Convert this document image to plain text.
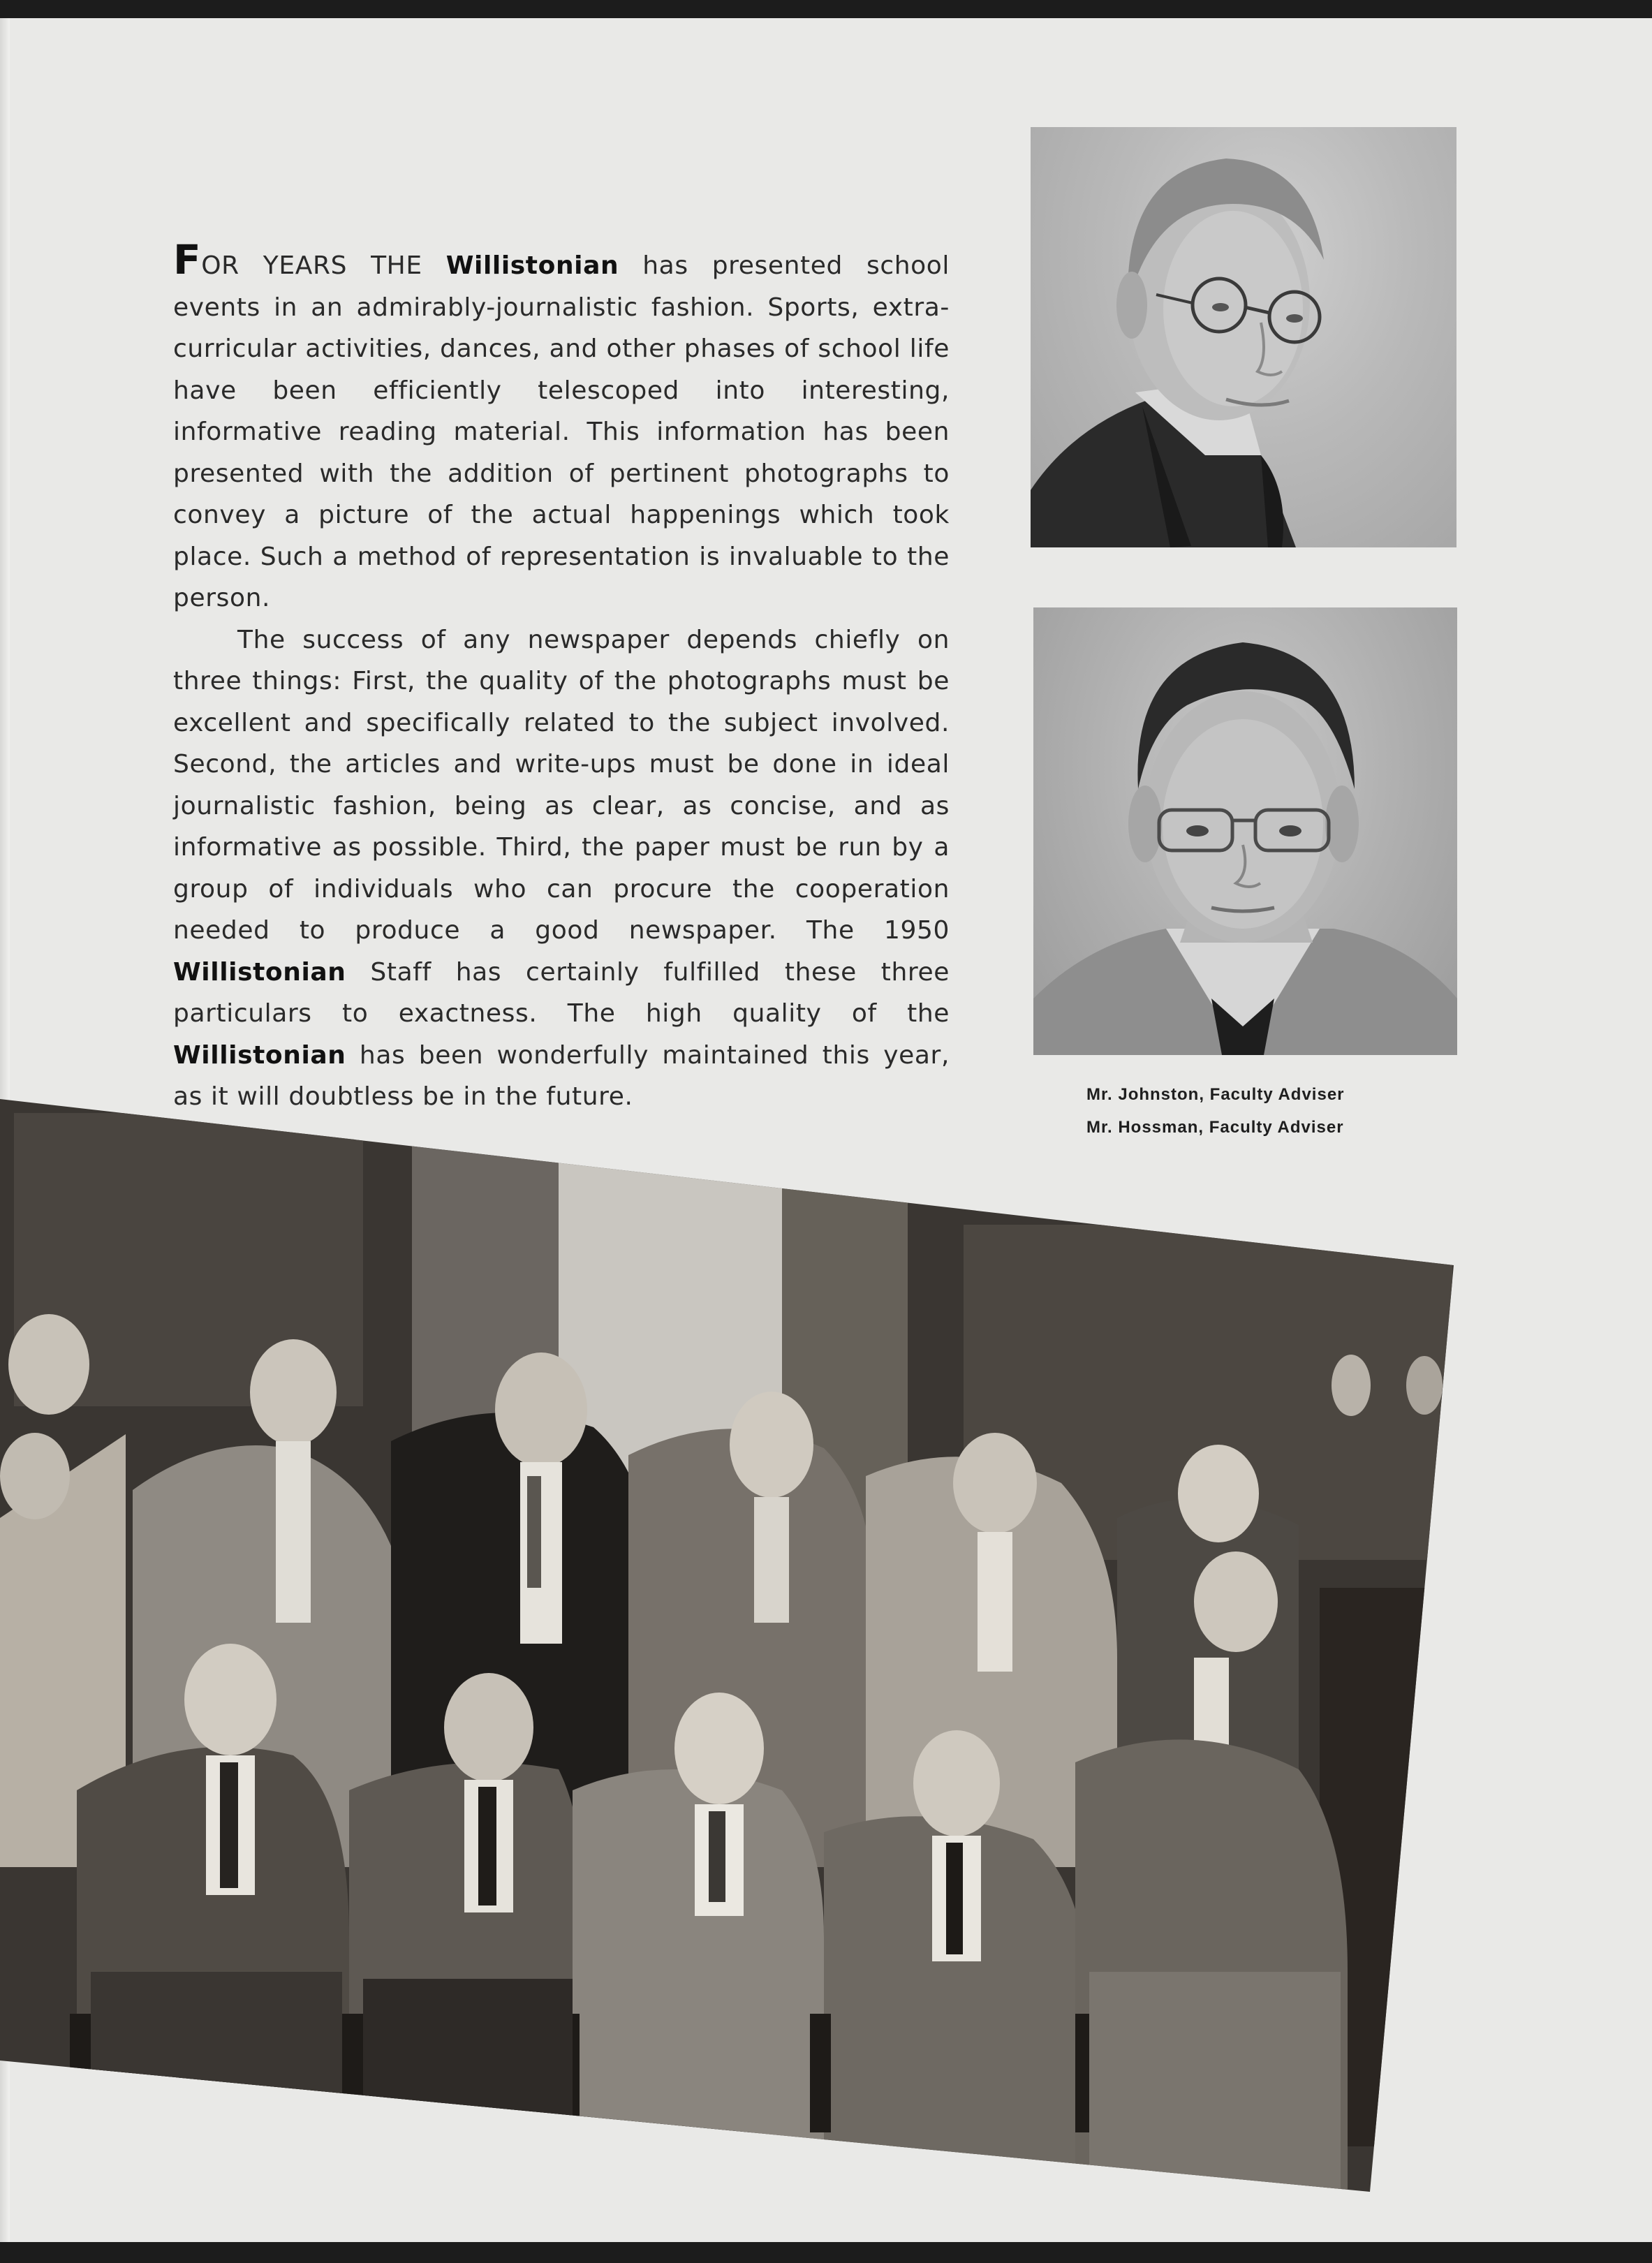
FOR YEARS THE Willistonian has presented school events in an admirably-journalistic fashion. Sports, extra-curricular activities, dances, and other phases of school life have been efficiently telescoped into interesting, informative reading material. This information has been presented with the addition of pertinent photographs to convey a picture of the actual happenings which took place. Such a method of representation is invaluable to the person.

The success of any newspaper depends chiefly on three things: First, the quality of the photographs must be excellent and specifically related to the subject involved. Second, the articles and write-ups must be done in ideal journalistic fashion, being as clear, as concise, and as informative as possible. Third, the paper must be run by a group of individuals who can procure the cooperation needed to produce a good newspaper. The 1950 Willistonian Staff has certainly fulfilled these three particulars to exactness. The high quality of the Willistonian has been wonderfully maintained this year, as it will doubtless be in the future.	Mr. Johnston, Faculty Adviser
Mr. Hossman, Faculty Adviser
